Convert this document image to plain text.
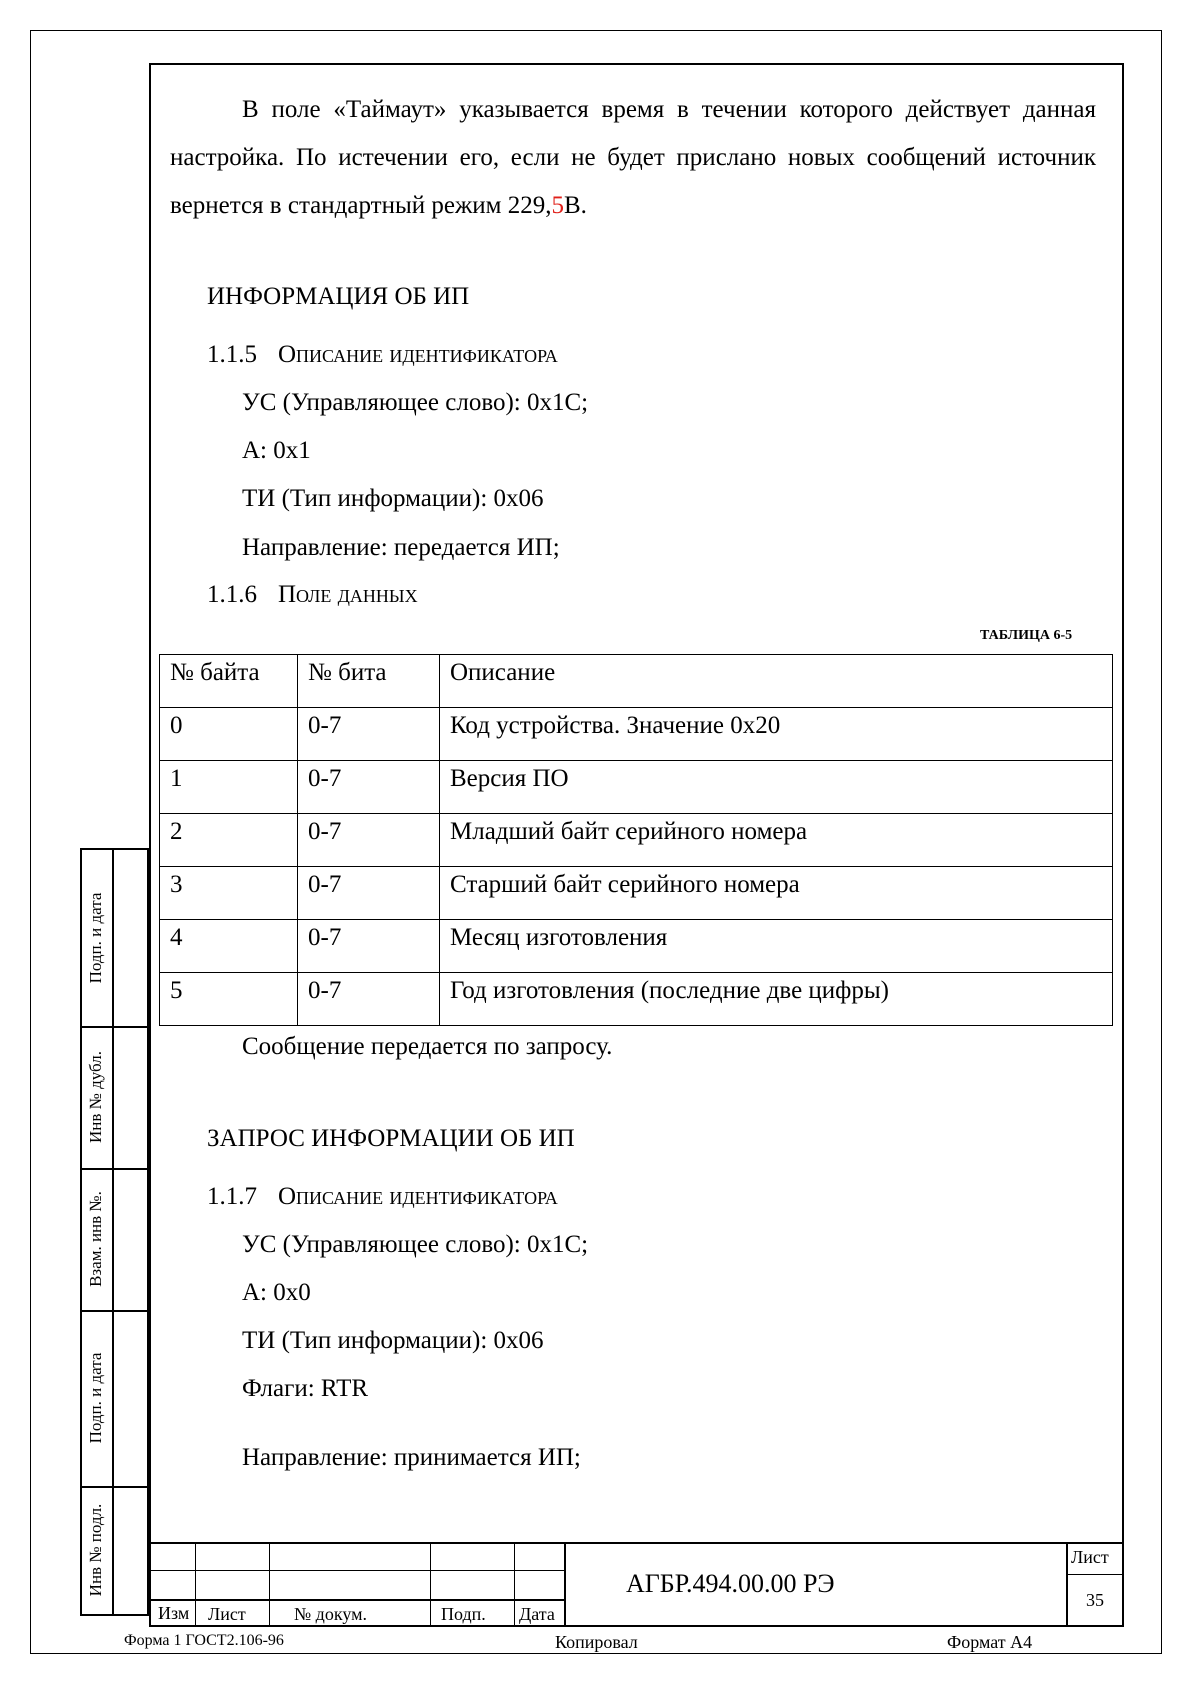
В поле «Таймаут» указывается время в течении которого действует данная настройка. По истечении его, если не будет прислано новых сообщений источник вернется в стандартный режим 229,5В.

ИНФОРМАЦИЯ ОБ ИП
1.1.5 Описание идентификатора
УС (Управляющее слово): 0x1C;
А: 0x1
ТИ (Тип информации): 0x06
Направление: передается ИП;
1.1.6 Поле данных
ТАБЛИЦА 6-5
№ байта	№ бита	Описание
0	0-7	Код устройства. Значение 0x20
1	0-7	Версия ПО
2	0-7	Младший байт серийного номера
3	0-7	Старший байт серийного номера
4	0-7	Месяц изготовления
5	0-7	Год изготовления (последние две цифры)
Сообщение передается по запросу.
ЗАПРОС ИНФОРМАЦИИ ОБ ИП
1.1.7 Описание идентификатора
УС (Управляющее слово): 0x1C;
А: 0x0
ТИ (Тип информации): 0x06
Флаги: RTR
Направление: принимается ИП;
Подп. и дата
Инв № дубл.
Взам. инв №.
Подп. и дата
Инв № подл.
Изм Лист	№ докум.	Подп. Дата
АГБР.494.00.00 РЭ
Лист
35
Форма 1 ГОСТ2.106-96	Копировал	Формат А4
